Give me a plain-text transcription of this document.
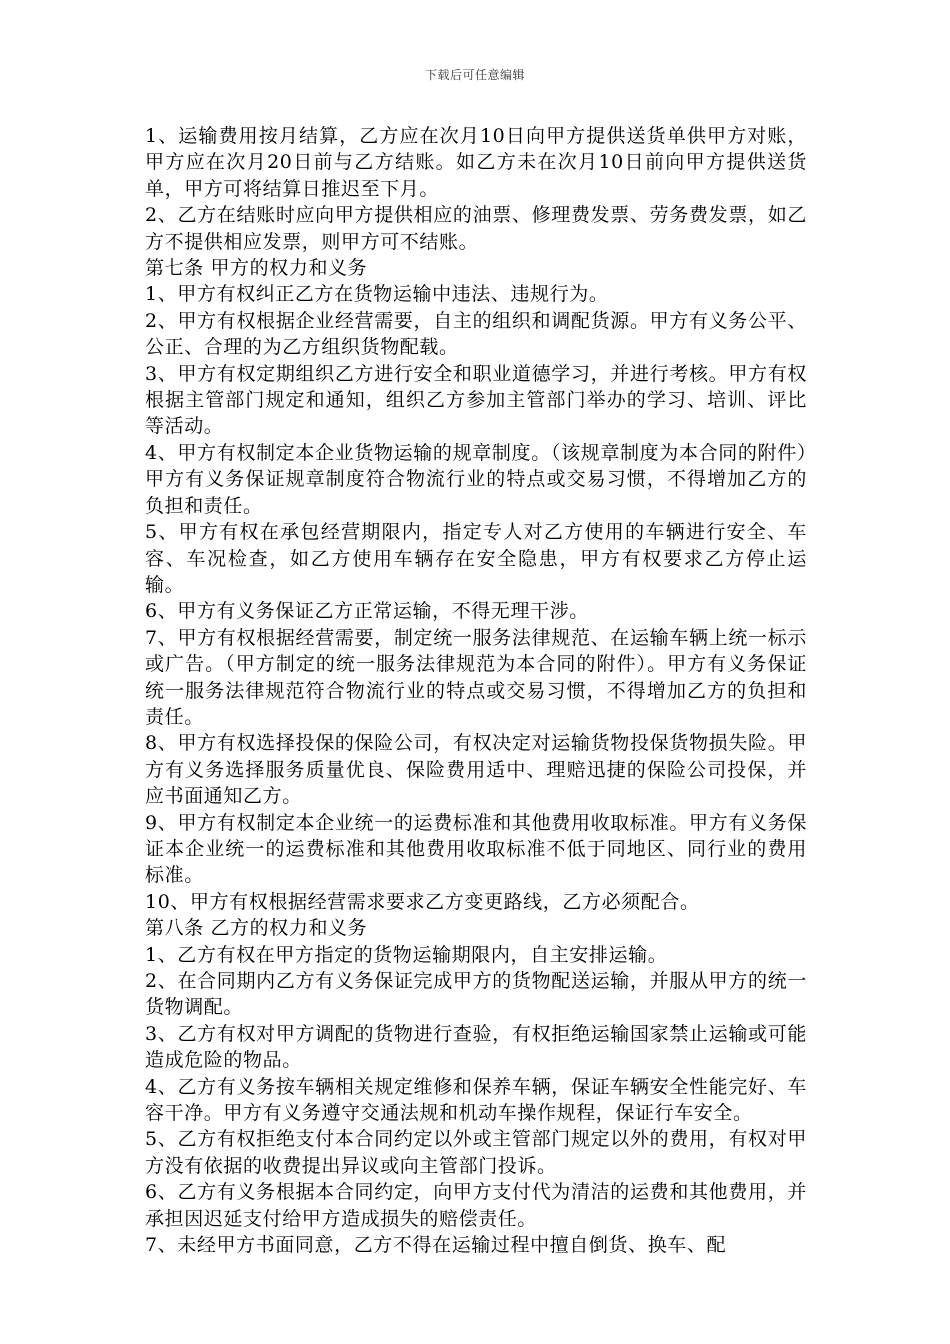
下载后可任意编辑

1、运输费用按月结算，乙方应在次月10日向甲方提供送货单供甲方对账，甲方应在次月20日前与乙方结账。如乙方未在次月10日前向甲方提供送货单，甲方可将结算日推迟至下月。

2、乙方在结账时应向甲方提供相应的油票、修理费发票、劳务费发票，如乙方不提供相应发票，则甲方可不结账。

第七条 甲方的权力和义务

1、甲方有权纠正乙方在货物运输中违法、违规行为。

2、甲方有权根据企业经营需要，自主的组织和调配货源。甲方有义务公平、公正、合理的为乙方组织货物配载。

3、甲方有权定期组织乙方进行安全和职业道德学习，并进行考核。甲方有权根据主管部门规定和通知，组织乙方参加主管部门举办的学习、培训、评比等活动。

4、甲方有权制定本企业货物运输的规章制度。（该规章制度为本合同的附件）甲方有义务保证规章制度符合物流行业的特点或交易习惯，不得增加乙方的负担和责任。

5、甲方有权在承包经营期限内，指定专人对乙方使用的车辆进行安全、车容、车况检查，如乙方使用车辆存在安全隐患，甲方有权要求乙方停止运输。

6、甲方有义务保证乙方正常运输，不得无理干涉。

7、甲方有权根据经营需要，制定统一服务法律规范、在运输车辆上统一标示或广告。（甲方制定的统一服务法律规范为本合同的附件）。甲方有义务保证统一服务法律规范符合物流行业的特点或交易习惯，不得增加乙方的负担和责任。

8、甲方有权选择投保的保险公司，有权决定对运输货物投保货物损失险。甲方有义务选择服务质量优良、保险费用适中、理赔迅捷的保险公司投保，并应书面通知乙方。

9、甲方有权制定本企业统一的运费标准和其他费用收取标准。甲方有义务保证本企业统一的运费标准和其他费用收取标准不低于同地区、同行业的费用标准。

10、甲方有权根据经营需求要求乙方变更路线，乙方必须配合。

第八条 乙方的权力和义务

1、乙方有权在甲方指定的货物运输期限内，自主安排运输。

2、在合同期内乙方有义务保证完成甲方的货物配送运输，并服从甲方的统一货物调配。

3、乙方有权对甲方调配的货物进行查验，有权拒绝运输国家禁止运输或可能造成危险的物品。

4、乙方有义务按车辆相关规定维修和保养车辆，保证车辆安全性能完好、车容干净。甲方有义务遵守交通法规和机动车操作规程，保证行车安全。

5、乙方有权拒绝支付本合同约定以外或主管部门规定以外的费用，有权对甲方没有依据的收费提出异议或向主管部门投诉。

6、乙方有义务根据本合同约定，向甲方支付代为清洁的运费和其他费用，并承担因迟延支付给甲方造成损失的赔偿责任。

7、未经甲方书面同意，乙方不得在运输过程中擅自倒货、换车、配
